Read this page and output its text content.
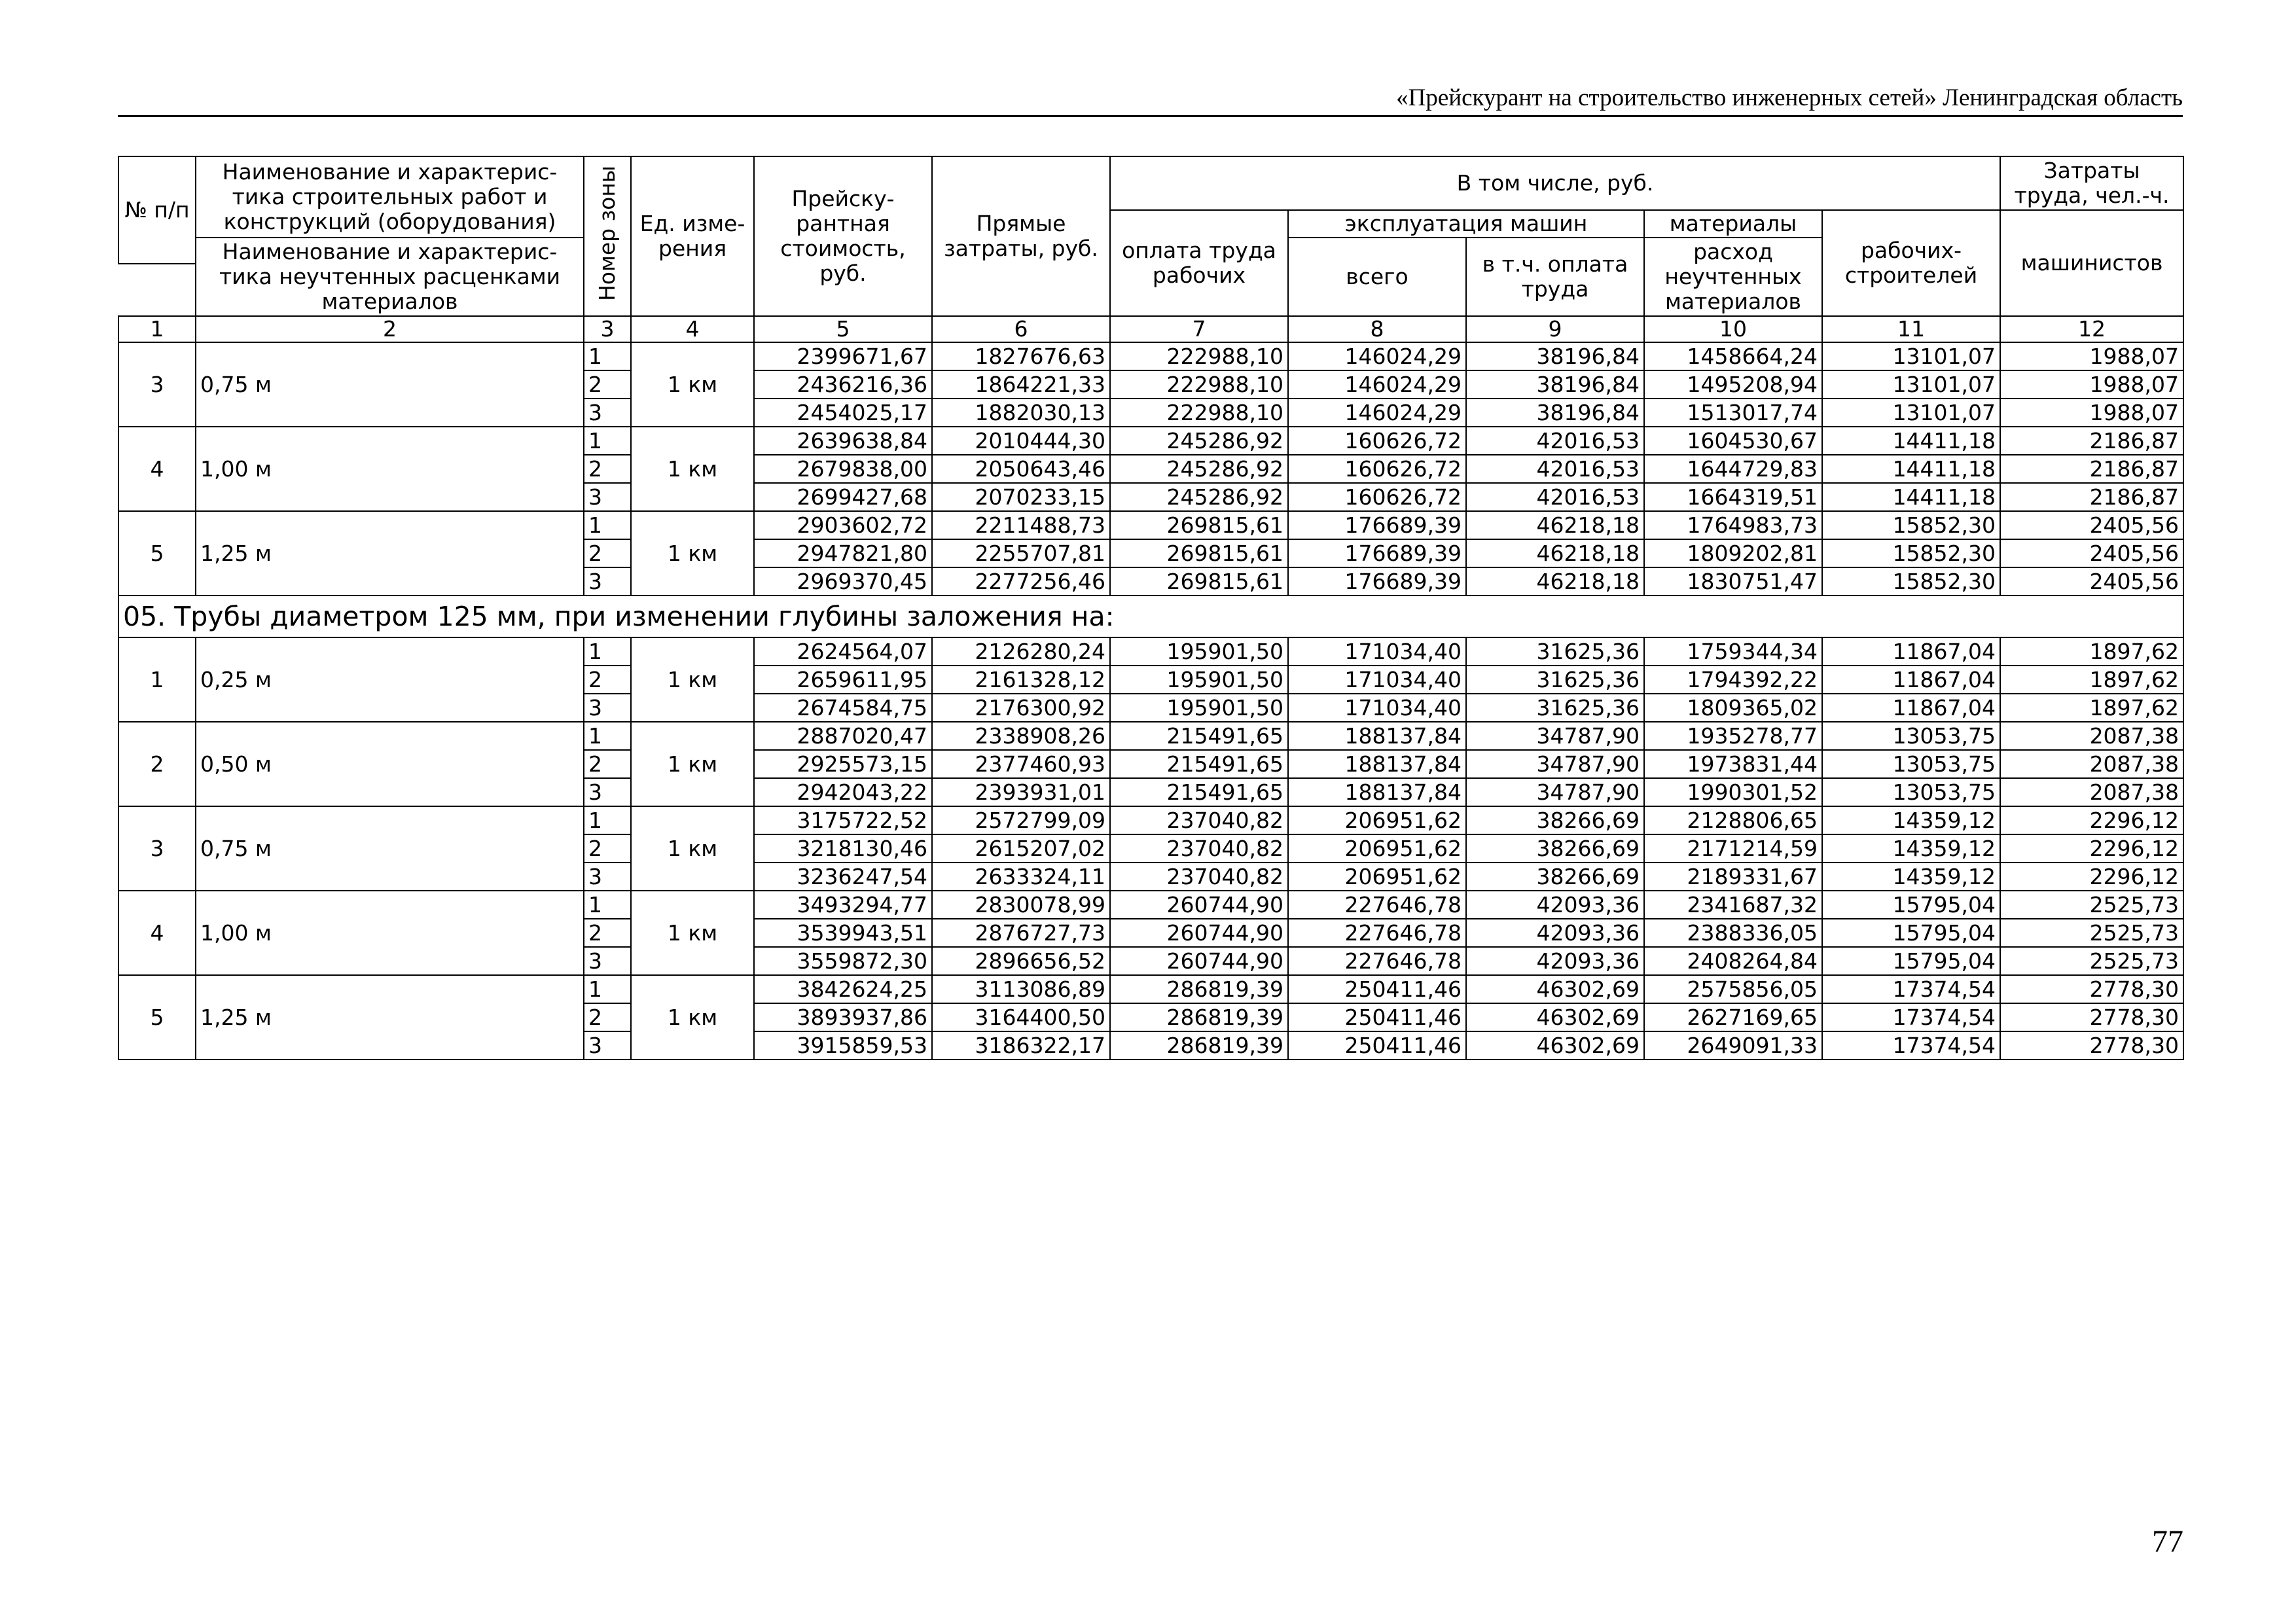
«Прейскурант на строительство инженерных сетей» Ленинградская область
№ п/п	Наименование и характерис-тика строительных работ и конструкций (оборудования)	Номер зоны	Ед. изме-рения	Прейску-рантная стоимость, руб.	Прямые затраты, руб.	В том числе, руб.					Затраты труда, чел.-ч.
						оплата труда рабочих	эксплуатация машин		материалы	рабочих-строителей	машинистов
	Наименование и характерис-тика неучтенных расценками материалов						всего	в т.ч. оплата труда	расход неучтенных материалов		

1	2	3	4	5	6	7	8	9	10	11	12
3	0,75 м	1	1 км	2399671,67	1827676,63	222988,10	146024,29	38196,84	1458664,24	13101,07	1988,07
		2		2436216,36	1864221,33	222988,10	146024,29	38196,84	1495208,94	13101,07	1988,07
		3		2454025,17	1882030,13	222988,10	146024,29	38196,84	1513017,74	13101,07	1988,07
4	1,00 м	1	1 км	2639638,84	2010444,30	245286,92	160626,72	42016,53	1604530,67	14411,18	2186,87
		2		2679838,00	2050643,46	245286,92	160626,72	42016,53	1644729,83	14411,18	2186,87
		3		2699427,68	2070233,15	245286,92	160626,72	42016,53	1664319,51	14411,18	2186,87
5	1,25 м	1	1 км	2903602,72	2211488,73	269815,61	176689,39	46218,18	1764983,73	15852,30	2405,56
		2		2947821,80	2255707,81	269815,61	176689,39	46218,18	1809202,81	15852,30	2405,56
		3		2969370,45	2277256,46	269815,61	176689,39	46218,18	1830751,47	15852,30	2405,56
05. Трубы диаметром 125 мм, при изменении глубины заложения на:											
1	0,25 м	1	1 км	2624564,07	2126280,24	195901,50	171034,40	31625,36	1759344,34	11867,04	1897,62
		2		2659611,95	2161328,12	195901,50	171034,40	31625,36	1794392,22	11867,04	1897,62
		3		2674584,75	2176300,92	195901,50	171034,40	31625,36	1809365,02	11867,04	1897,62
2	0,50 м	1	1 км	2887020,47	2338908,26	215491,65	188137,84	34787,90	1935278,77	13053,75	2087,38
		2		2925573,15	2377460,93	215491,65	188137,84	34787,90	1973831,44	13053,75	2087,38
		3		2942043,22	2393931,01	215491,65	188137,84	34787,90	1990301,52	13053,75	2087,38
3	0,75 м	1	1 км	3175722,52	2572799,09	237040,82	206951,62	38266,69	2128806,65	14359,12	2296,12
		2		3218130,46	2615207,02	237040,82	206951,62	38266,69	2171214,59	14359,12	2296,12
		3		3236247,54	2633324,11	237040,82	206951,62	38266,69	2189331,67	14359,12	2296,12
4	1,00 м	1	1 км	3493294,77	2830078,99	260744,90	227646,78	42093,36	2341687,32	15795,04	2525,73
		2		3539943,51	2876727,73	260744,90	227646,78	42093,36	2388336,05	15795,04	2525,73
		3		3559872,30	2896656,52	260744,90	227646,78	42093,36	2408264,84	15795,04	2525,73
5	1,25 м	1	1 км	3842624,25	3113086,89	286819,39	250411,46	46302,69	2575856,05	17374,54	2778,30
		2		3893937,86	3164400,50	286819,39	250411,46	46302,69	2627169,65	17374,54	2778,30
		3		3915859,53	3186322,17	286819,39	250411,46	46302,69	2649091,33	17374,54	2778,30
77
